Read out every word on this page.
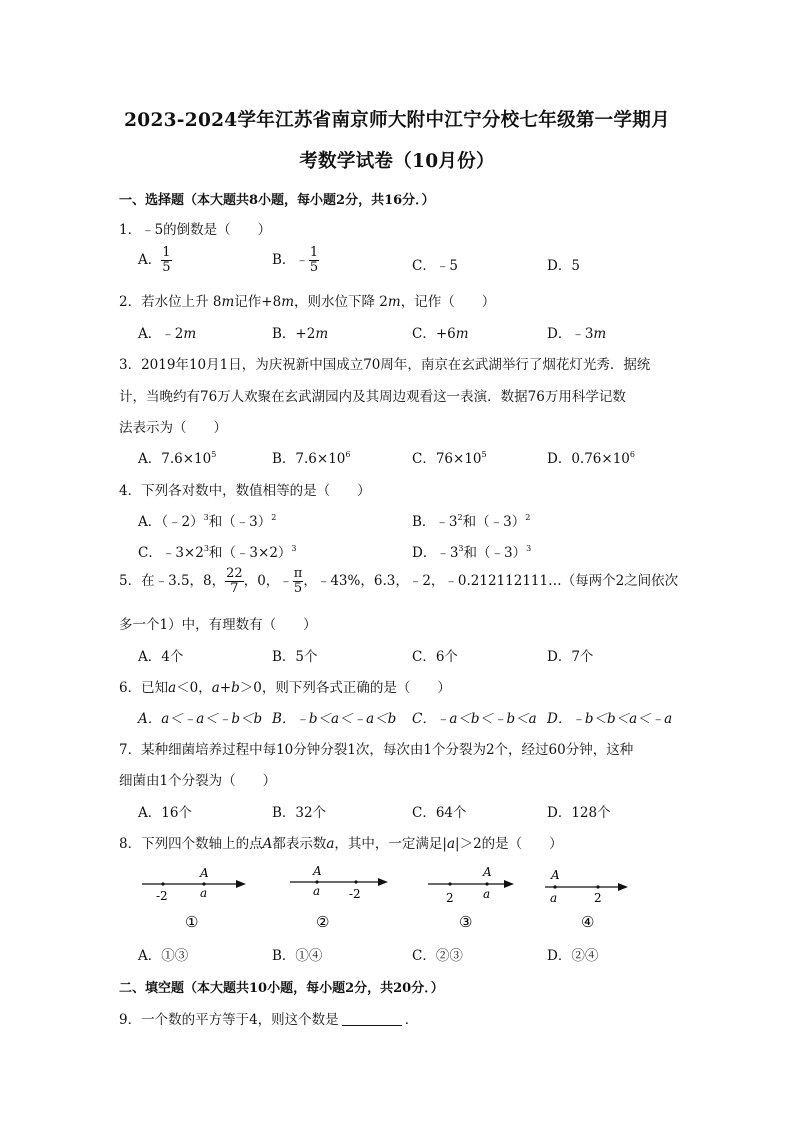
2023-2024学年江苏省南京师大附中江宁分校七年级第一学期月
考数学试卷（10月份）
一、选择题（本大题共8小题，每小题2分，共16分．）
1．﹣5的倒数是（　　）
A． $\frac{1}{5}$	B．﹣ $\frac{1}{5}$	C．﹣5	D．5
2．若水位上升 8m记作+8m，则水位下降 2m，记作（　　）
A．﹣2m	B．+2m	C．+6m	D．﹣3m
3．2019年10月1日，为庆祝新中国成立70周年，南京在玄武湖举行了烟花灯光秀．据统
计，当晚约有76万人欢聚在玄武湖园内及其周边观看这一表演．数据76万用科学记数
法表示为（　　）
A．$7.6\times 10^5$	B．$7.6\times 10^6$	C．$76\times 10^5$	D．$0.76\times 10^6$
4．下列各对数中，数值相等的是（　　）
A．（﹣2）$^3$和（﹣3）$^2$	B．$﹣3^2$和（﹣3）$^2$
C．$﹣3\times 2^3$和（﹣3×2）$^3$	D．$﹣3^3$和（﹣3）$^3$
5．在﹣3.5，8， $\frac{22}{7}$ ，0，﹣ $\frac{\pi}{5}$ ，﹣43%，6.3，﹣2，﹣0.212112111…（每两个2之间依次
多一个1）中，有理数有（　　）
A．4个	B．5个	C．6个	D．7个
6．已知a＜0，a+b＞0，则下列各式正确的是（　　）
A．a＜﹣a＜﹣b＜b B．﹣b＜a＜﹣a＜b C．﹣a＜b＜﹣b＜a D．﹣b＜b＜a＜﹣a
7．某种细菌培养过程中每10分钟分裂1次，每次由1个分裂为2个，经过60分钟，这种
细菌由1个分裂为（　　）
A．16个	B．32个	C．64个	D．128个
8．下列四个数轴上的点A都表示数a，其中，一定满足|a|＞2的是（　　）
A
a
-2
①
A
a -2
②
A
a
2
③
A
a	2
④
A．①③	B．①④	C．②③	D．②④
二、填空题（本大题共10小题，每小题2分，共20分．）
9．一个数的平方等于4，则这个数是	．
